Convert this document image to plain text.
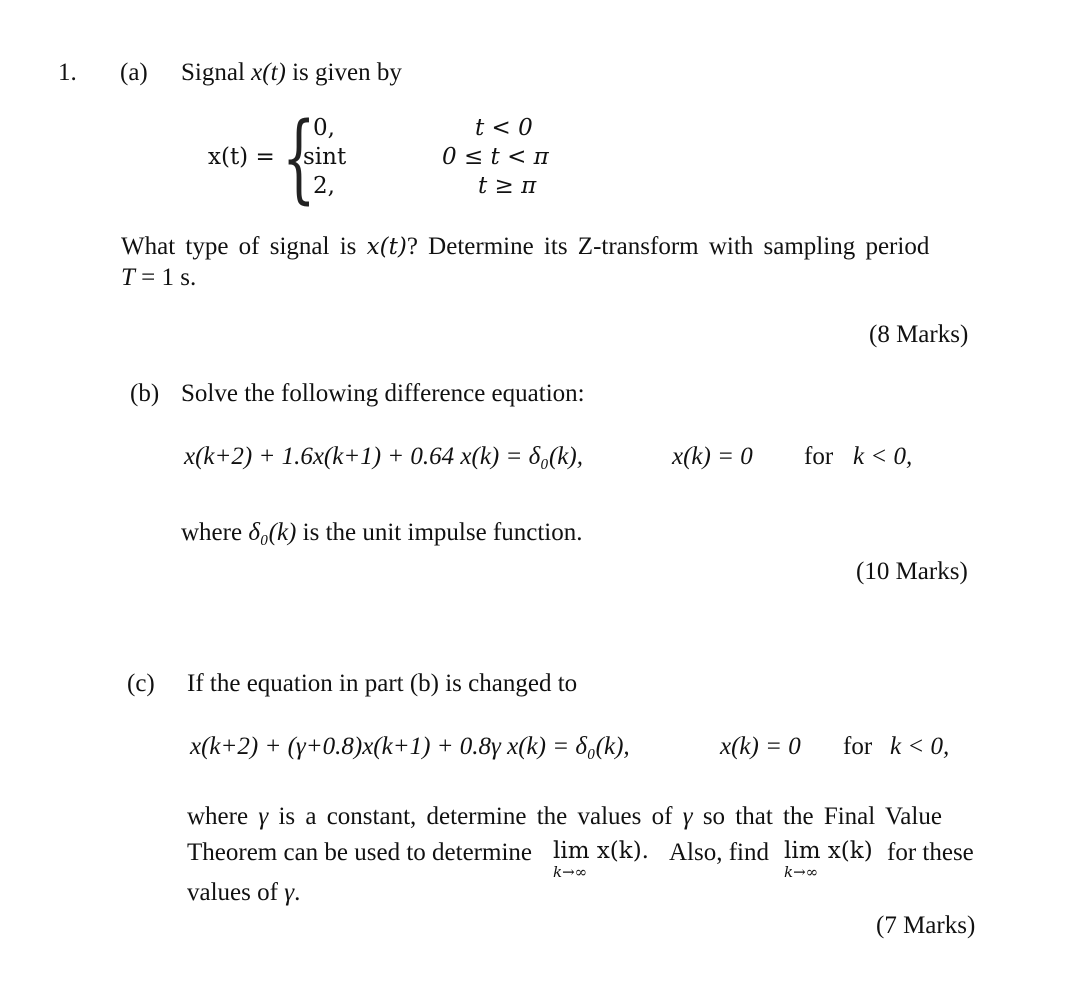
1. (a) Signal x(t) is given by
x(t) = {
0,
sint
2,
t < 0
0 ≤ t < π
t ≥ π
What type of signal is x(t)? Determine its Z-transform with sampling period
T = 1 s.
(8 Marks)
(b) Solve the following difference equation:
x(k+2) + 1.6x(k+1) + 0.64 x(k) = δ₀(k),	x(k) = 0 for k < 0,
where δ₀(k) is the unit impulse function.
(10 Marks)
(c) If the equation in part (b) is changed to
x(k+2) + (γ+0.8)x(k+1) + 0.8γ x(k) = δ₀(k),	x(k) = 0 for k < 0,
where γ is a constant, determine the values of γ so that the Final Value
Theorem can be used to determine lim x(k).
k→∞
Also, find lim x(k)
k→∞
for these
values of γ.
(7 Marks)
